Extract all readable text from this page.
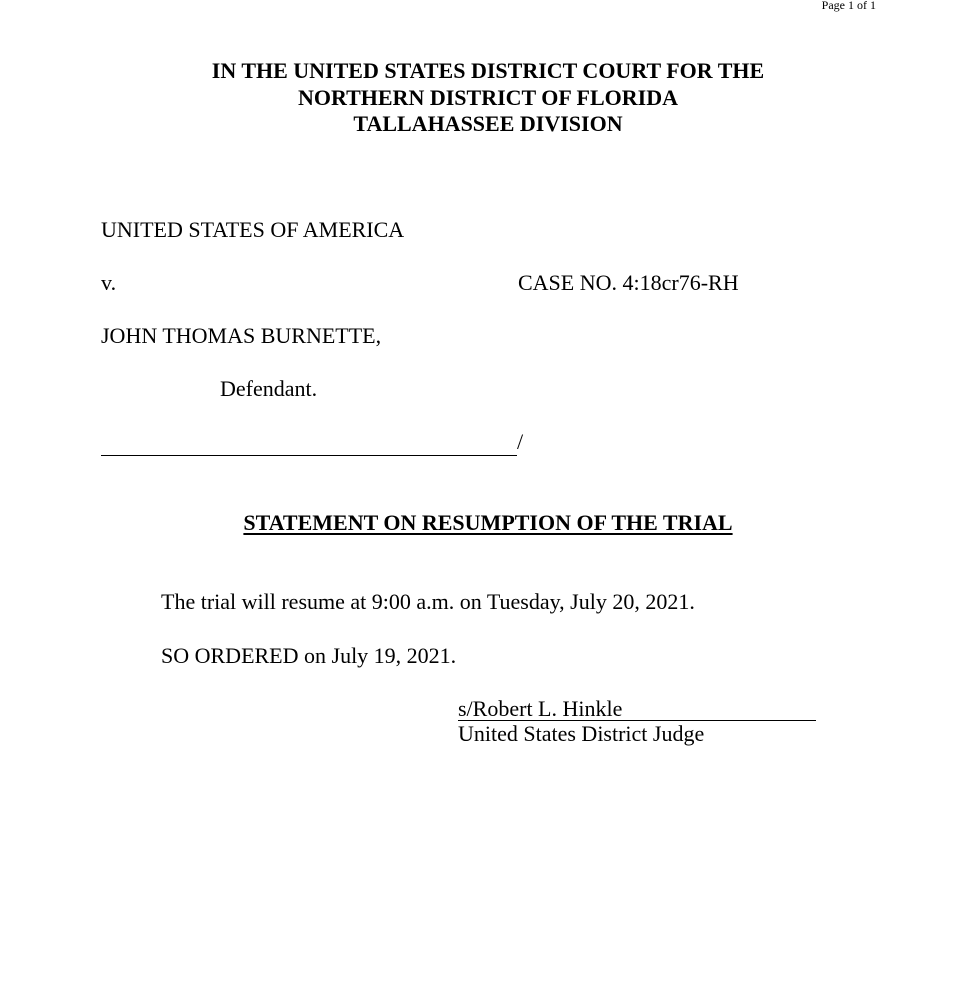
Page 1 of 1
IN THE UNITED STATES DISTRICT COURT FOR THE
NORTHERN DISTRICT OF FLORIDA
TALLAHASSEE DIVISION
UNITED STATES OF AMERICA
v.	CASE NO. 4:18cr76-RH
JOHN THOMAS BURNETTE,
Defendant.
/
STATEMENT ON RESUMPTION OF THE TRIAL
The trial will resume at 9:00 a.m. on Tuesday, July 20, 2021.
SO ORDERED on July 19, 2021.
s/Robert L. Hinkle
United States District Judge
